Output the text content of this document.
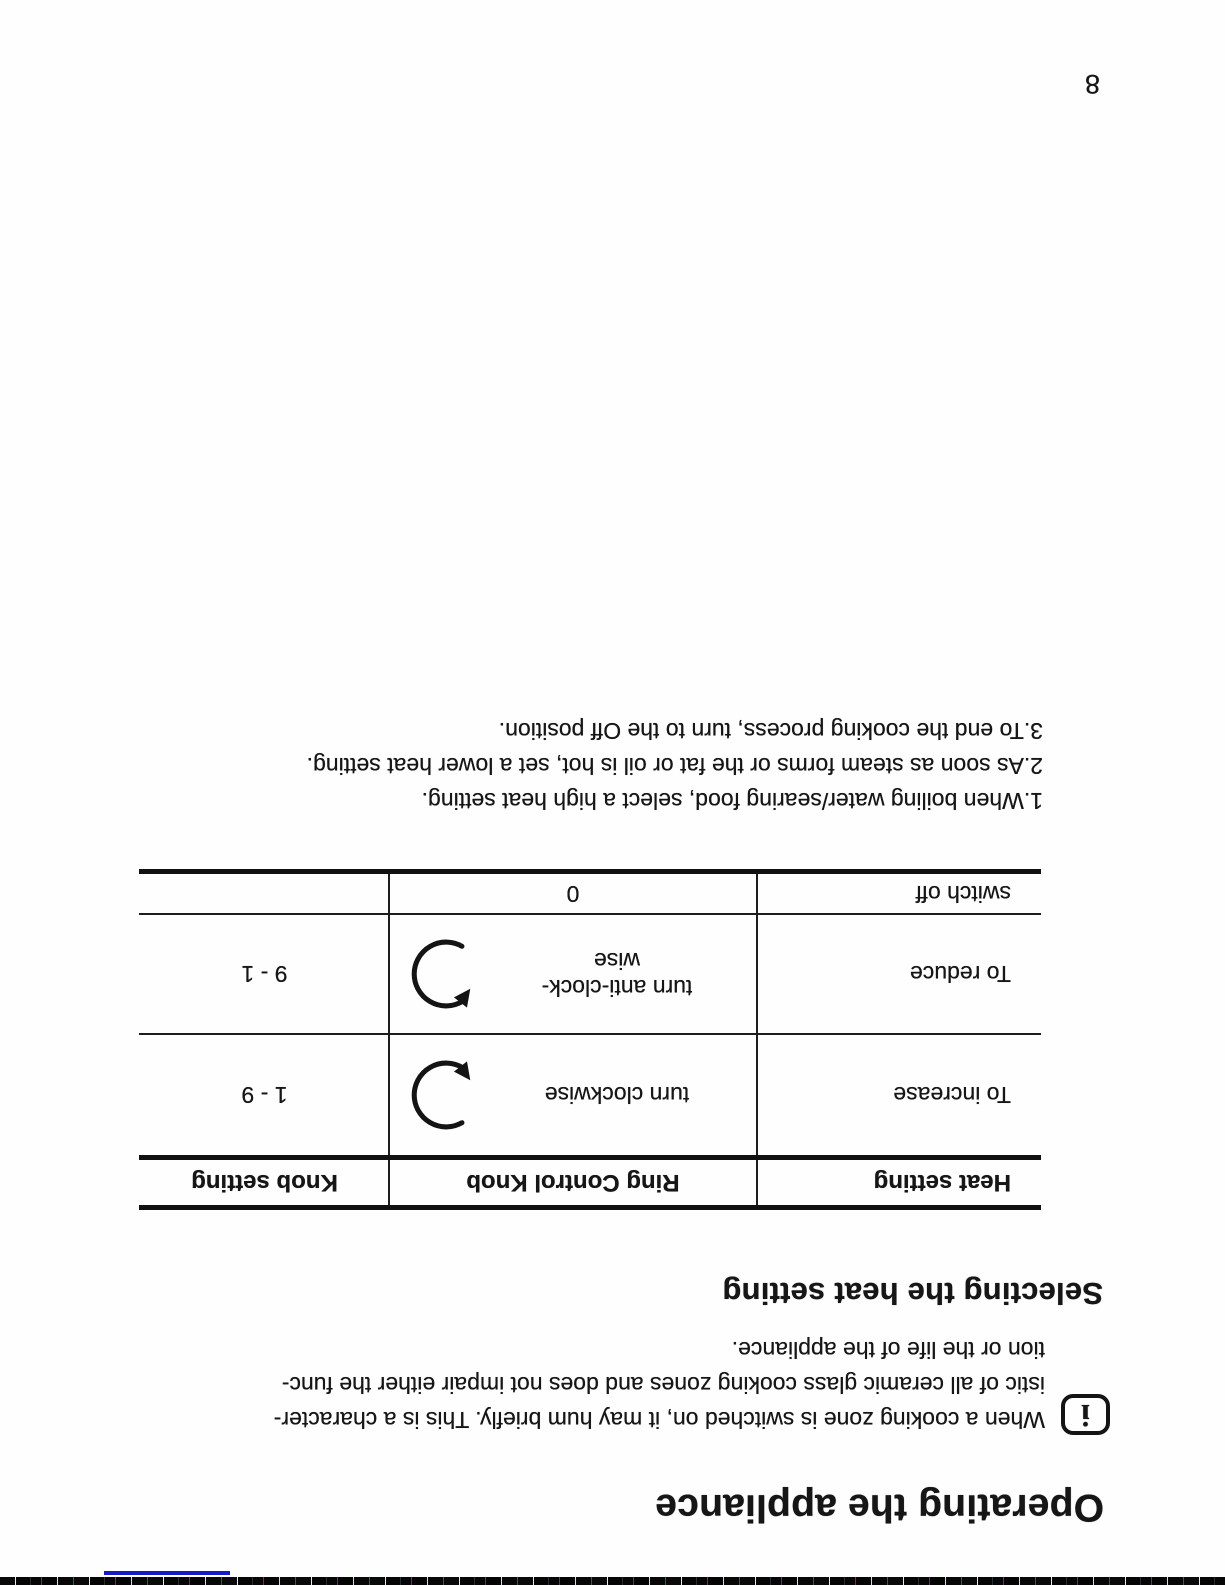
Operating the appliance
i
When a cooking zone is switched on, it may hum briefly. This is a character-
istic of all ceramic glass cooking zones and does not impair either the func-
tion or the life of the appliance.
Selecting the heat setting
Heat setting
Ring Control Knob
Knob setting
To increase
turn clockwise
1 - 9
To reduce
turn anti-clock-
wise
9 - 1
switch off
0
1.When boiling water/searing food, select a high heat setting.
2.As soon as steam forms or the fat or oil is hot, set a lower heat setting.
3.To end the cooking process, turn to the Off position.
8
